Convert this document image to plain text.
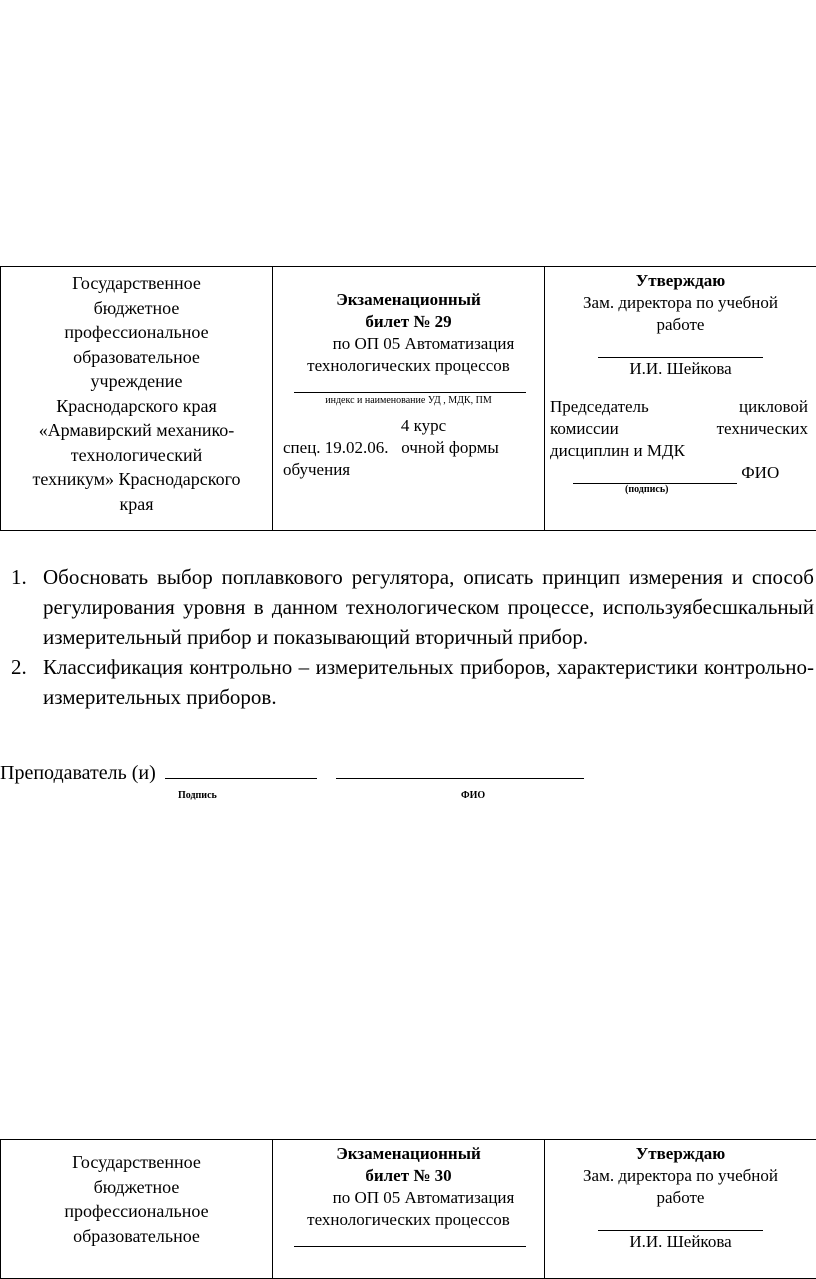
Государственное
бюджетное
профессиональное
образовательное
учреждение
Краснодарского края
«Армавирский механико-
технологический
техникум» Краснодарского
края

Экзаменационный
билет № 29
по ОП 05 Автоматизация
технологических процессов
индекс и наименование УД , МДК, ПМ
4 курс
спец. 19.02.06.   очной формы
обучения

Утверждаю
Зам. директора по учебной
работе
И.И. Шейкова
Председатель цикловой
комиссии технических
дисциплин и МДК
ФИО
(подпись)
1. Обосновать выбор поплавкового регулятора, описать принцип измерения и способ регулирования уровня в данном технологическом процессе, используябесшкальный измерительный прибор и показывающий вторичный прибор.
2. Классификация контрольно – измерительных приборов, характеристики контрольно-измерительных приборов.
Преподаватель (и)
Подпись	ФИО
Государственное
бюджетное
профессиональное
образовательное

Экзаменационный
билет № 30
по ОП 05 Автоматизация
технологических процессов

Утверждаю
Зам. директора по учебной
работе
И.И. Шейкова
